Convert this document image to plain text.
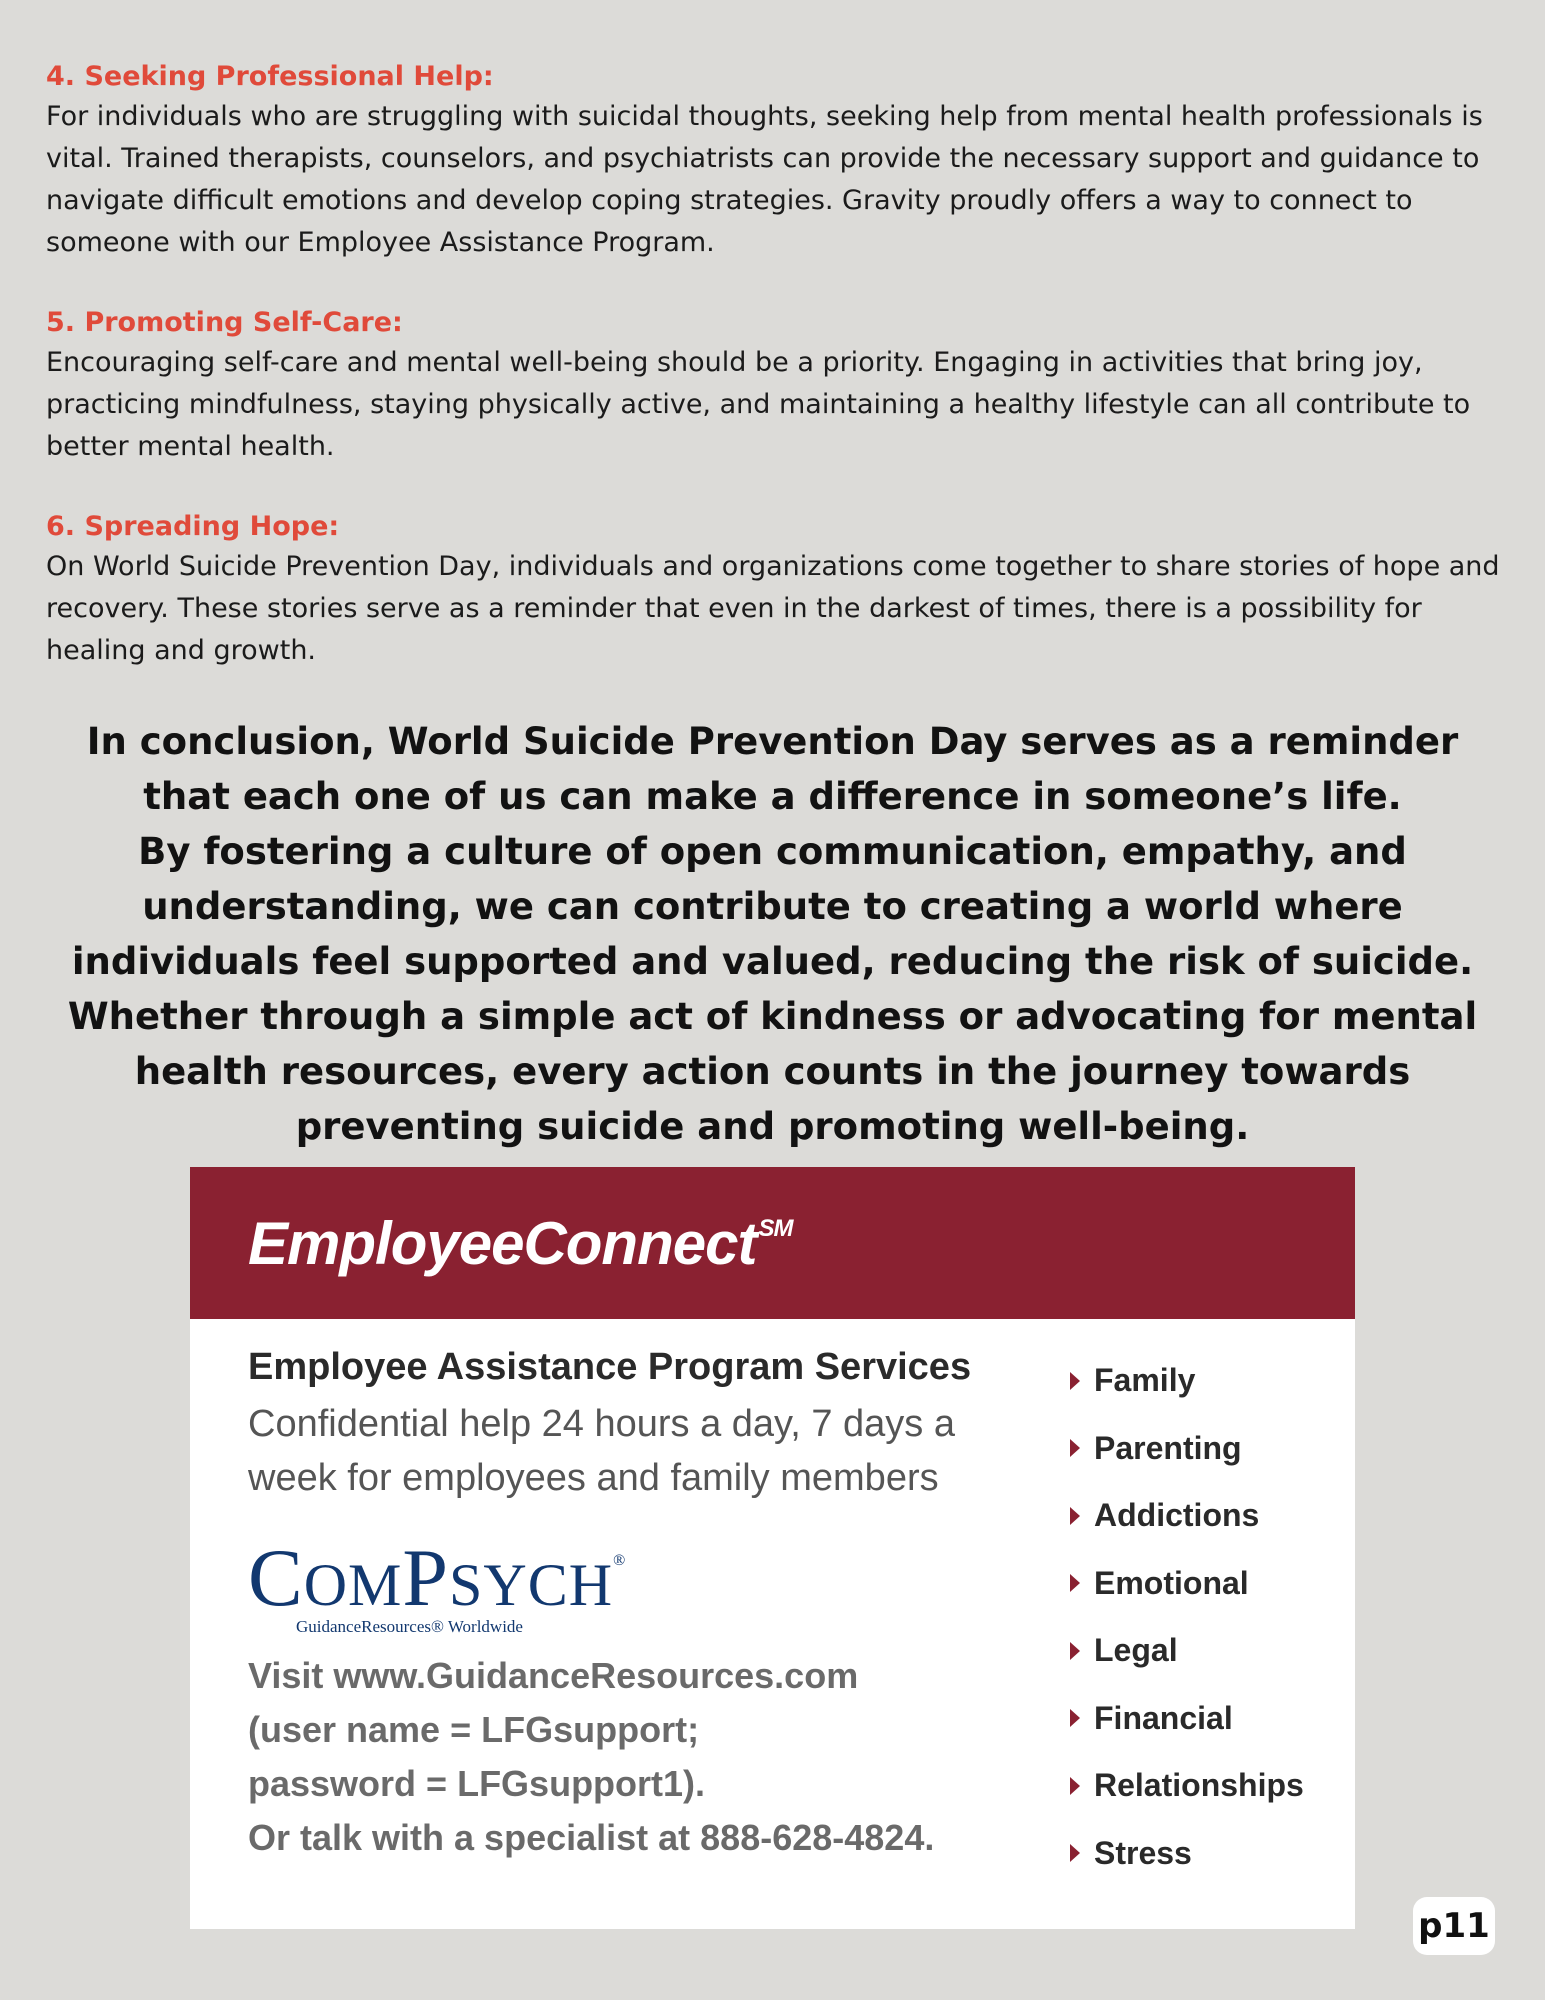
4. Seeking Professional Help:
For individuals who are struggling with suicidal thoughts, seeking help from mental health professionals is vital. Trained therapists, counselors, and psychiatrists can provide the necessary support and guidance to navigate difficult emotions and develop coping strategies. Gravity proudly offers a way to connect to someone with our Employee Assistance Program.
5. Promoting Self-Care:
Encouraging self-care and mental well-being should be a priority. Engaging in activities that bring joy, practicing mindfulness, staying physically active, and maintaining a healthy lifestyle can all contribute to better mental health.
6. Spreading Hope:
On World Suicide Prevention Day, individuals and organizations come together to share stories of hope and recovery. These stories serve as a reminder that even in the darkest of times, there is a possibility for healing and growth.

In conclusion, World Suicide Prevention Day serves as a reminder that each one of us can make a difference in someone’s life.

By fostering a culture of open communication, empathy, and understanding, we can contribute to creating a world where individuals feel supported and valued, reducing the risk of suicide.

Whether through a simple act of kindness or advocating for mental health resources, every action counts in the journey towards preventing suicide and promoting well-being.

EmployeeConnect℠
Employee Assistance Program Services
Confidential help 24 hours a day, 7 days a
week for employees and family members
COMPSYCH®
GuidanceResources® Worldwide
Visit www.GuidanceResources.com
(user name = LFGsupport;
password = LFGsupport1).
Or talk with a specialist at 888-628-4824.
Family
Parenting
Addictions
Emotional
Legal
Financial
Relationships
Stress
p11
